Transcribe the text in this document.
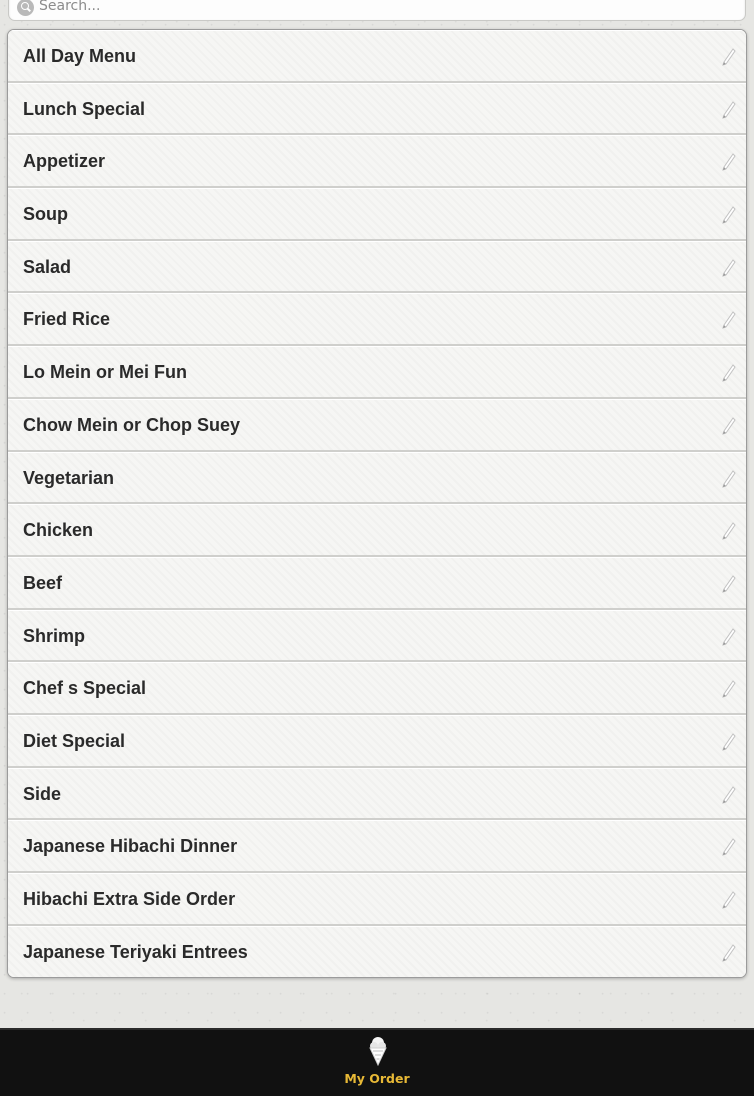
Search...
All Day Menu
Lunch Special
Appetizer
Soup
Salad
Fried Rice
Lo Mein or Mei Fun
Chow Mein or Chop Suey
Vegetarian
Chicken
Beef
Shrimp
Chef s Special
Diet Special
Side
Japanese Hibachi Dinner
Hibachi Extra Side Order
Japanese Teriyaki Entrees
My Order
